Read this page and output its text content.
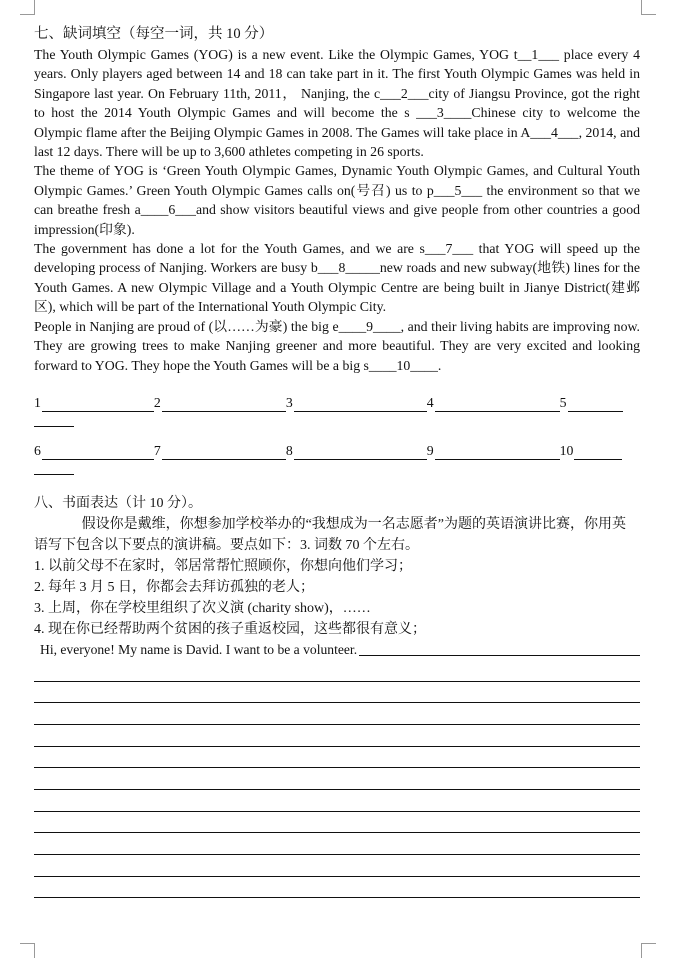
七、缺词填空（每空一词，共 10 分）

The Youth Olympic Games (YOG) is a new event. Like the Olympic Games, YOG t__1___ place every 4 years. Only players aged between 14 and 18 can take part in it. The first Youth Olympic Games was held in Singapore last year. On February 11th, 2011， Nanjing, the c___2___city of Jiangsu Province, got the right to host the 2014 Youth Olympic Games and will become the s ___3____Chinese city to welcome the Olympic flame after the Beijing Olympic Games in 2008. The Games will take place in A___4___, 2014, and last 12 days. There will be up to 3,600 athletes competing in 26 sports.

The theme of YOG is ‘Green Youth Olympic Games, Dynamic Youth Olympic Games, and Cultural Youth Olympic Games.’ Green Youth Olympic Games calls on(号召) us to p___5___ the environment so that we can breathe fresh a____6___and show visitors beautiful views and give people from other countries a good impression(印象).

The government has done a lot for the Youth Games, and we are s___7___ that YOG will speed up the developing process of Nanjing. Workers are busy b___8_____new roads and new subway(地铁) lines for the Youth Games. A new Olympic Village and a Youth Olympic Centre are being built in Jianye District(建邺区), which will be part of the International Youth Olympic City.

People in Nanjing are proud of (以……为豪) the big e____9____, and their living habits are improving now. They are growing trees to make Nanjing greener and more beautiful. They are very excited and looking forward to YOG. They hope the Youth Games will be a big s____10____.

1	2	3	4	5
6	7	8	9	10
八、书面表达（计 10 分）。
假设你是戴维，你想参加学校举办的“我想成为一名志愿者”为题的英语演讲比赛，你用英语写下包含以下要点的演讲稿。要点如下：3. 词数 70 个左右。
1. 以前父母不在家时，邻居常帮忙照顾你，你想向他们学习；
2. 每年 3 月 5 日，你都会去拜访孤独的老人；
3. 上周，你在学校里组织了次义演 (charity show)，……
4. 现在你已经帮助两个贫困的孩子重返校园，这些都很有意义；
Hi, everyone! My name is David. I want to be a volunteer.
